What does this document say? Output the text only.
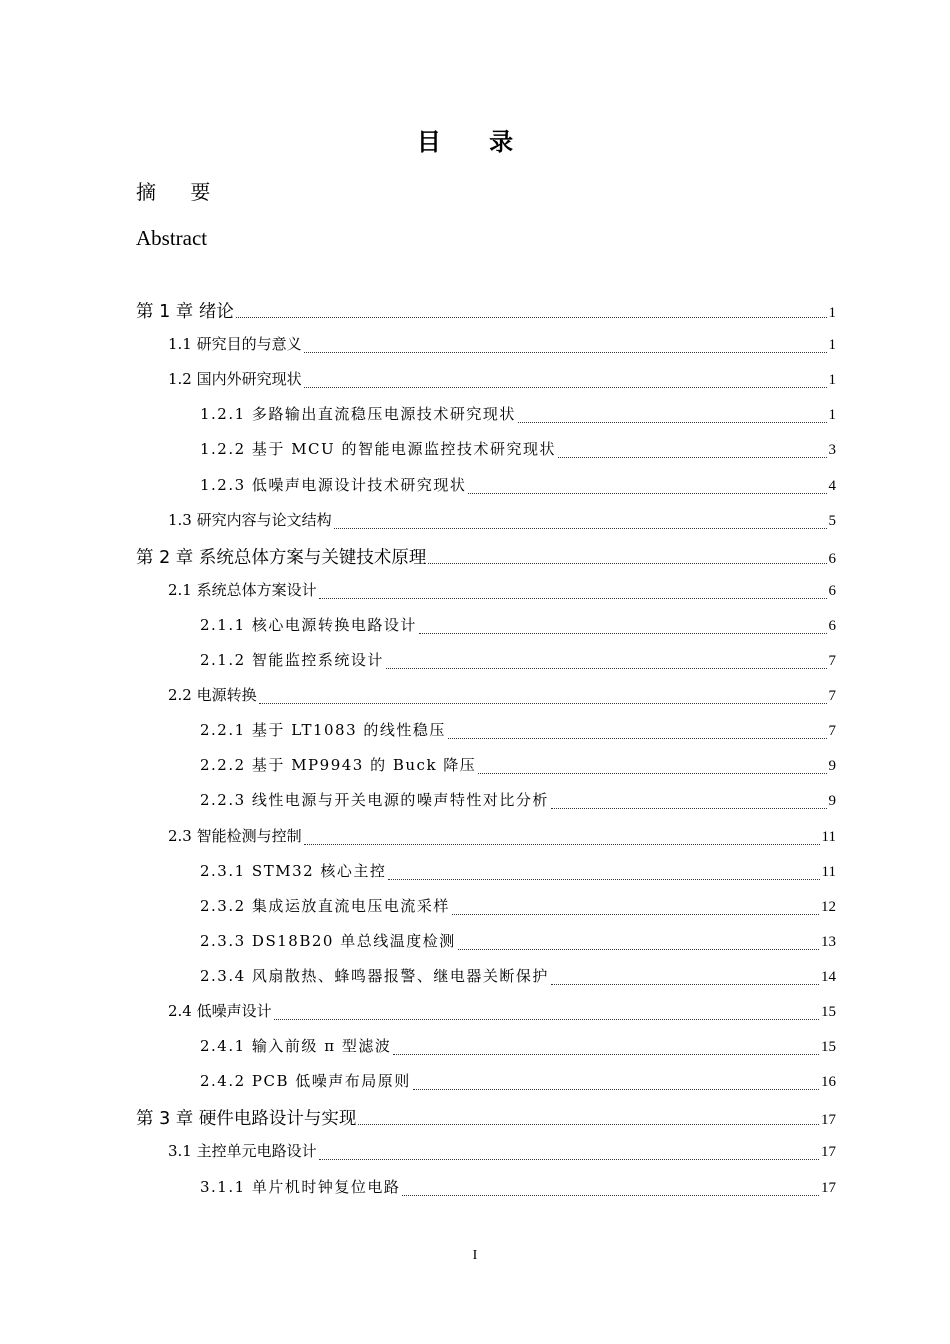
目 录
摘 要
Abstract
第 1 章 绪论	1
1.1 研究目的与意义	1
1.2 国内外研究现状	1
1.2.1 多路输出直流稳压电源技术研究现状	1
1.2.2 基于 MCU 的智能电源监控技术研究现状	3
1.2.3 低噪声电源设计技术研究现状	4
1.3 研究内容与论文结构	5
第 2 章 系统总体方案与关键技术原理	6
2.1 系统总体方案设计	6
2.1.1 核心电源转换电路设计	6
2.1.2 智能监控系统设计	7
2.2 电源转换	7
2.2.1 基于 LT1083 的线性稳压	7
2.2.2 基于 MP9943 的 Buck 降压	9
2.2.3 线性电源与开关电源的噪声特性对比分析	9
2.3 智能检测与控制	11
2.3.1 STM32 核心主控	11
2.3.2 集成运放直流电压电流采样	12
2.3.3 DS18B20 单总线温度检测	13
2.3.4 风扇散热、蜂鸣器报警、继电器关断保护	14
2.4 低噪声设计	15
2.4.1 输入前级 π 型滤波	15
2.4.2 PCB 低噪声布局原则	16
第 3 章 硬件电路设计与实现	17
3.1 主控单元电路设计	17
3.1.1 单片机时钟复位电路	17
I
